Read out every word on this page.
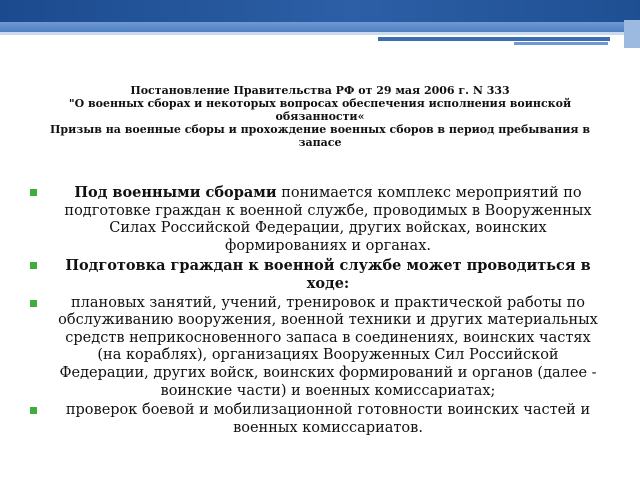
Постановление Правительства РФ от 29 мая 2006 г. N 333
"О военных сборах и некоторых вопросах обеспечения исполнения воинской обязанности«
Призыв на военные сборы и прохождение военных сборов в период пребывания в запасе
Под военными сборами понимается комплекс мероприятий по подготовке граждан к военной службе, проводимых в Вооруженных Силах Российской Федерации, других войсках, воинских формированиях и органах.
Подготовка граждан к военной службе может проводиться в ходе:
плановых занятий, учений, тренировок и практической работы по обслуживанию вооружения, военной техники и других материальных средств неприкосновенного запаса в соединениях, воинских частях (на кораблях), организациях Вооруженных Сил Российской Федерации, других войск, воинских формирований и органов (далее - воинские части) и военных комиссариатах;
проверок боевой и мобилизационной готовности воинских частей и военных комиссариатов.
